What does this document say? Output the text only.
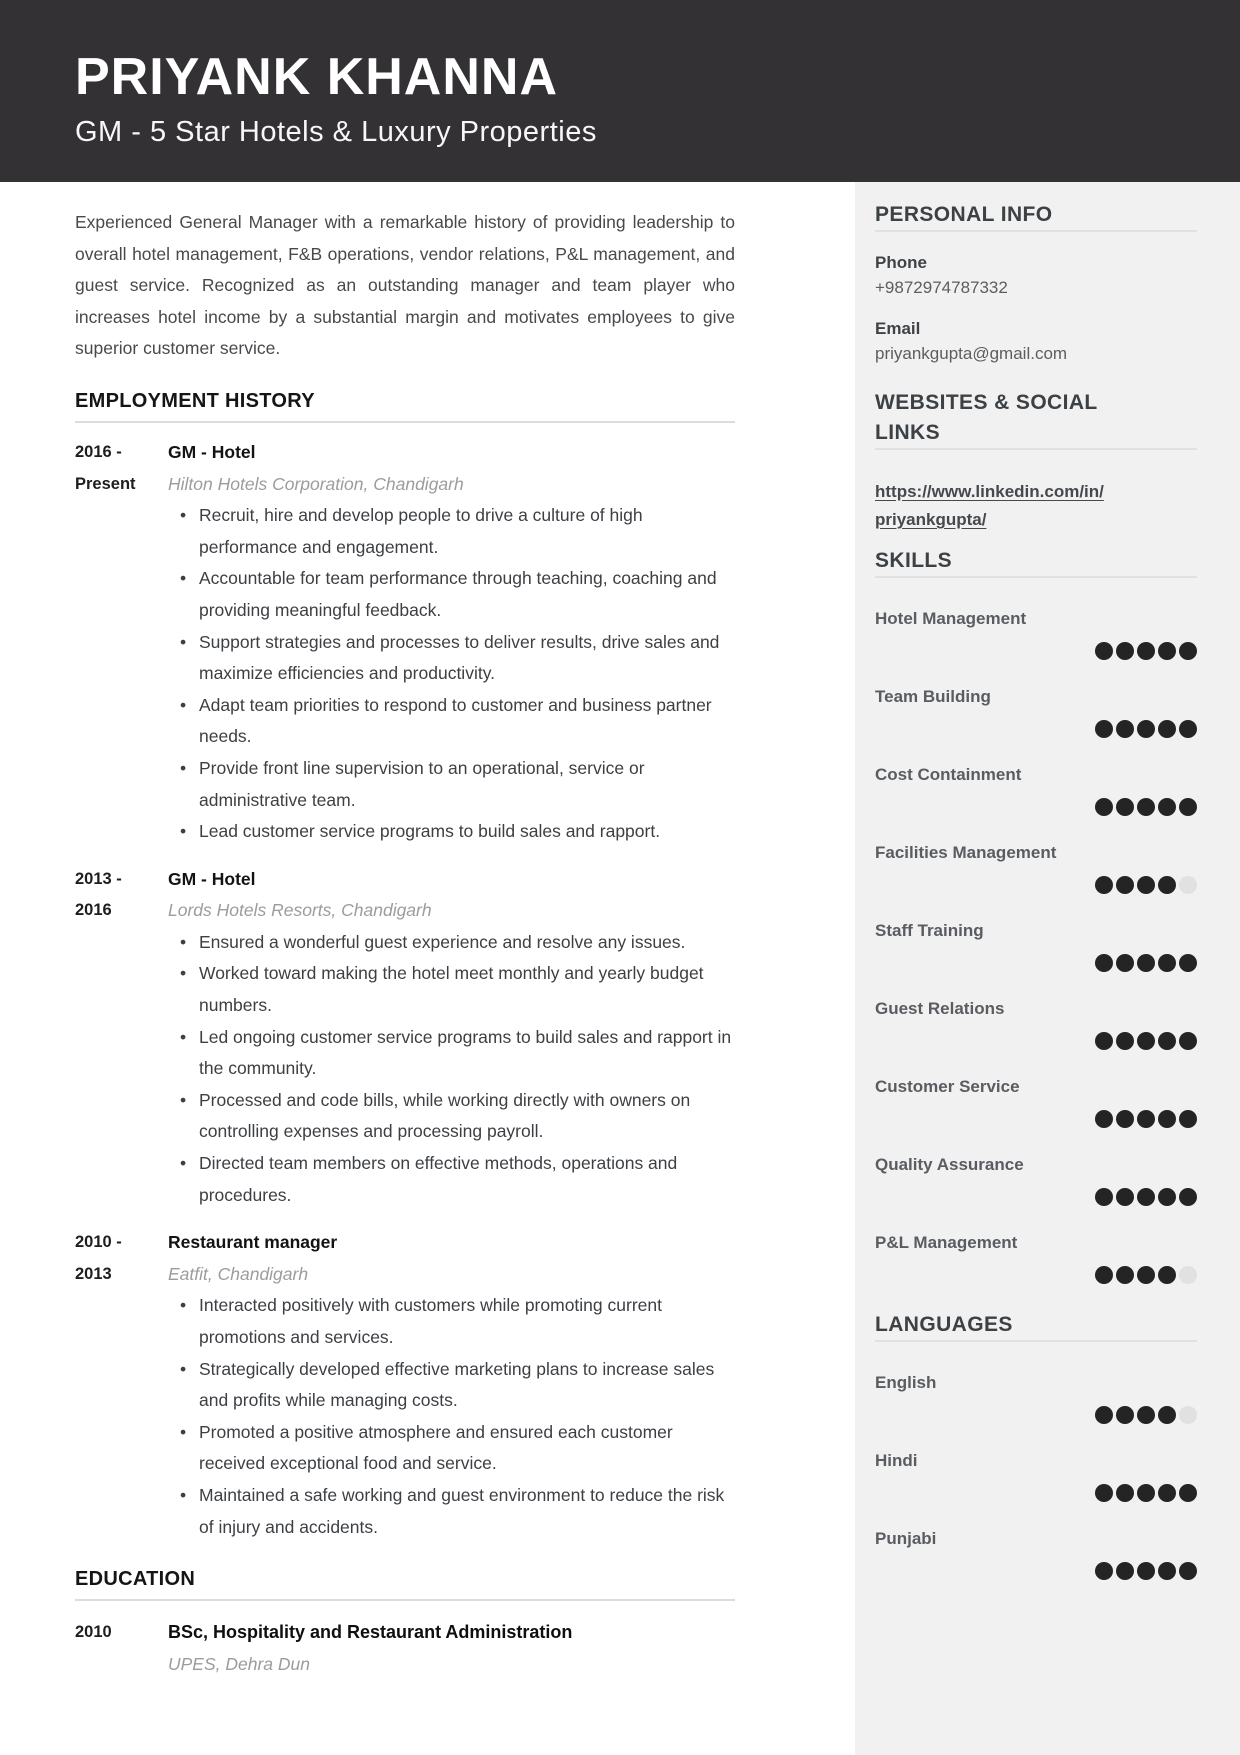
PRIYANK KHANNA
GM - 5 Star Hotels & Luxury Properties

Experienced General Manager with a remarkable history of providing leadership to overall hotel management, F&B operations, vendor relations, P&L management, and guest service. Recognized as an outstanding manager and team player who increases hotel income by a substantial margin and motivates employees to give superior customer service.

EMPLOYMENT HISTORY
2016 -
Present
GM - Hotel
Hilton Hotels Corporation, Chandigarh
• Recruit, hire and develop people to drive a culture of high performance and engagement.
• Accountable for team performance through teaching, coaching and providing meaningful feedback.
• Support strategies and processes to deliver results, drive sales and maximize efficiencies and productivity.
• Adapt team priorities to respond to customer and business partner needs.
• Provide front line supervision to an operational, service or administrative team.
• Lead customer service programs to build sales and rapport.
2013 -
2016
GM - Hotel
Lords Hotels Resorts, Chandigarh
• Ensured a wonderful guest experience and resolve any issues.
• Worked toward making the hotel meet monthly and yearly budget numbers.
• Led ongoing customer service programs to build sales and rapport in the community.
• Processed and code bills, while working directly with owners on controlling expenses and processing payroll.
• Directed team members on effective methods, operations and procedures.
2010 -
2013
Restaurant manager
Eatfit, Chandigarh
• Interacted positively with customers while promoting current promotions and services.
• Strategically developed effective marketing plans to increase sales and profits while managing costs.
• Promoted a positive atmosphere and ensured each customer received exceptional food and service.
• Maintained a safe working and guest environment to reduce the risk of injury and accidents.
EDUCATION
2010	BSc, Hospitality and Restaurant Administration
UPES, Dehra Dun
PERSONAL INFO
Phone
+9872974787332
Email
priyankgupta@gmail.com
WEBSITES & SOCIAL LINKS
https://www.linkedin.com/in/
priyankgupta/
SKILLS
Hotel Management
Team Building
Cost Containment
Facilities Management
Staff Training
Guest Relations
Customer Service
Quality Assurance
P&L Management
LANGUAGES
English
Hindi
Punjabi
